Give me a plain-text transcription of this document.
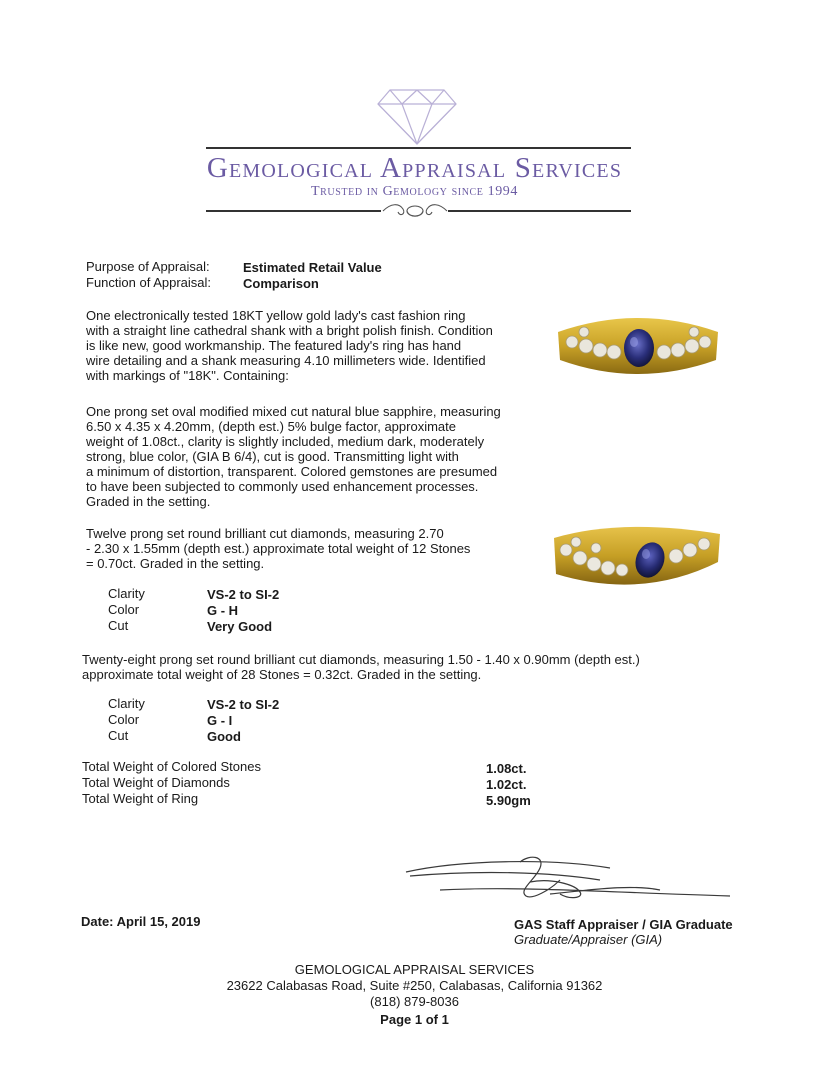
Gemological Appraisal Services
Trusted in Gemology since 1994
Purpose of Appraisal:	Estimated Retail Value
Function of Appraisal: Comparison
One electronically tested 18KT yellow gold lady's cast fashion ring
with a straight line cathedral shank with a bright polish finish. Condition
is like new, good workmanship. The featured lady's ring has hand
wire detailing and a shank measuring 4.10 millimeters wide. Identified
with markings of "18K". Containing:
One prong set oval modified mixed cut natural blue sapphire, measuring
6.50 x 4.35 x 4.20mm, (depth est.) 5% bulge factor, approximate
weight of 1.08ct., clarity is slightly included, medium dark, moderately
strong, blue color, (GIA B 6/4), cut is good. Transmitting light with
a minimum of distortion, transparent. Colored gemstones are presumed
to have been subjected to commonly used enhancement processes.
Graded in the setting.
Twelve prong set round brilliant cut diamonds, measuring 2.70
- 2.30 x 1.55mm (depth est.) approximate total weight of 12 Stones
= 0.70ct. Graded in the setting.
Clarity
Color
Cut
VS-2 to SI-2
G - H
Very Good
Twenty-eight prong set round brilliant cut diamonds, measuring 1.50 - 1.40 x 0.90mm (depth est.)
approximate total weight of 28 Stones = 0.32ct. Graded in the setting.
Clarity
Color
Cut
VS-2 to SI-2
G - I
Good
Total Weight of Colored Stones
Total Weight of Diamonds
Total Weight of Ring
1.08ct.
1.02ct.
5.90gm
Date: April 15, 2019	GAS Staff Appraiser / GIA Graduate
Graduate/Appraiser (GIA)
GEMOLOGICAL APPRAISAL SERVICES
23622 Calabasas Road, Suite #250, Calabasas, California 91362
(818) 879-8036
Page 1 of 1
